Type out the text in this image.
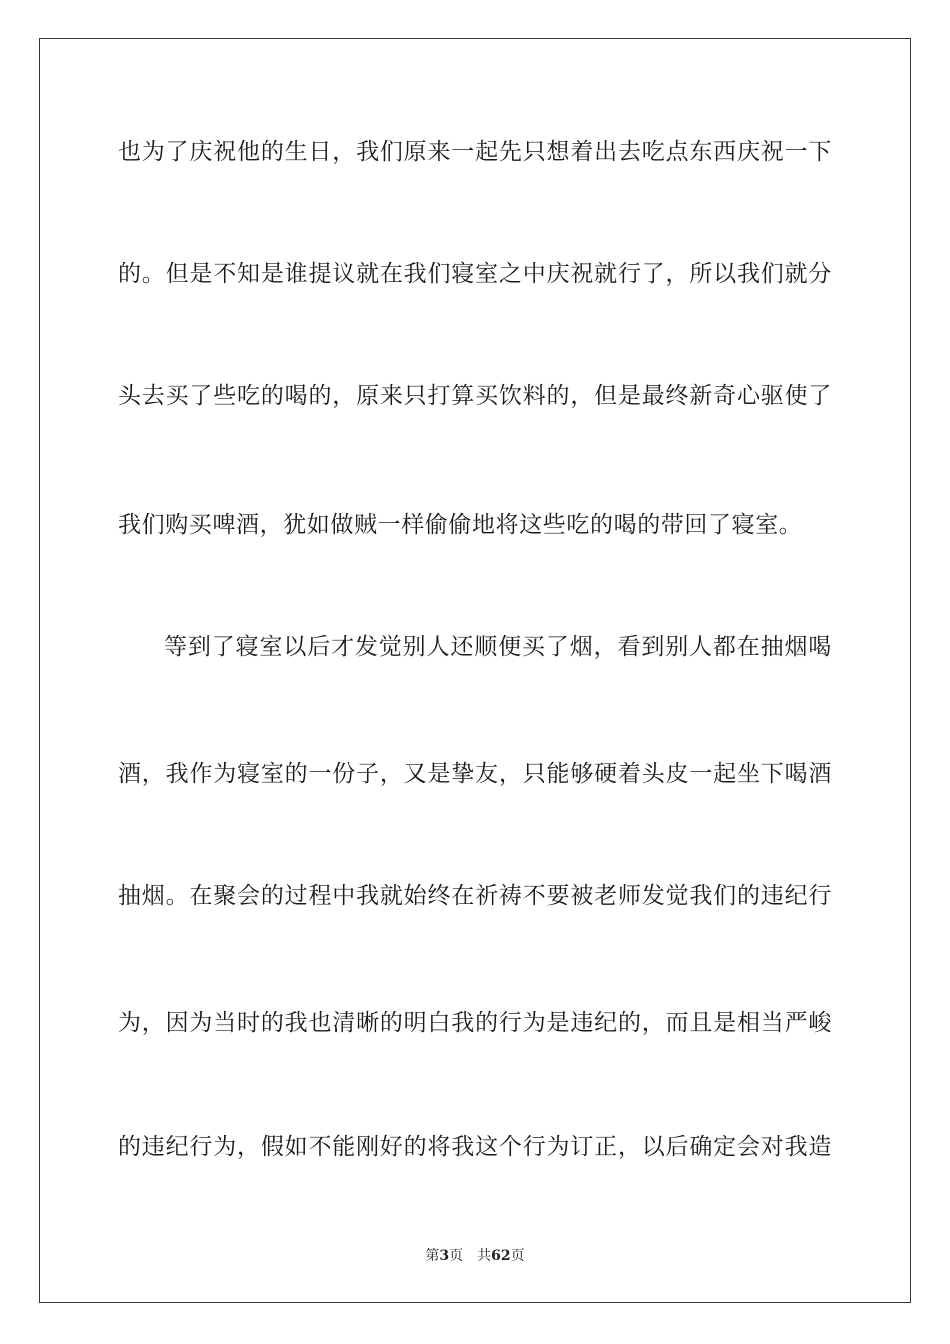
也为了庆祝他的生日，我们原来一起先只想着出去吃点东西庆祝一下
的。但是不知是谁提议就在我们寝室之中庆祝就行了，所以我们就分
头去买了些吃的喝的，原来只打算买饮料的，但是最终新奇心驱使了
我们购买啤酒，犹如做贼一样偷偷地将这些吃的喝的带回了寝室。
等到了寝室以后才发觉别人还顺便买了烟，看到别人都在抽烟喝
酒，我作为寝室的一份子，又是挚友，只能够硬着头皮一起坐下喝酒
抽烟。在聚会的过程中我就始终在祈祷不要被老师发觉我们的违纪行
为，因为当时的我也清晰的明白我的行为是违纪的，而且是相当严峻
的违纪行为，假如不能刚好的将我这个行为订正，以后确定会对我造
第3页 共62页
